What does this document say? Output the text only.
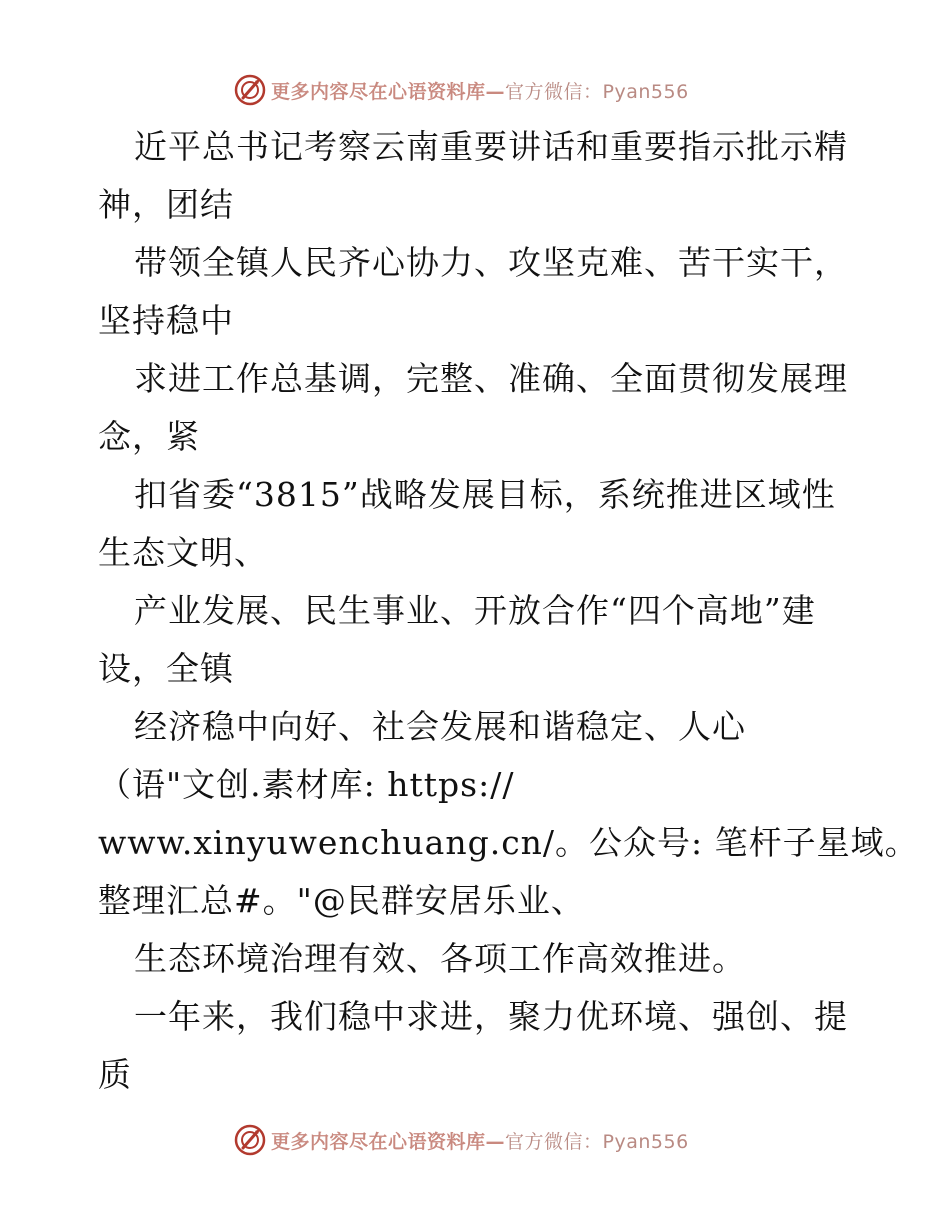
更多内容尽在心语资料库—官方微信：Pyan556
近平总书记考察云南重要讲话和重要指示批示精
神，团结
带领全镇人民齐心协力、攻坚克难、苦干实干，
坚持稳中
求进工作总基调，完整、准确、全面贯彻发展理
念，紧
扣省委“3815”战略发展目标，系统推进区域性
生态文明、
产业发展、民生事业、开放合作“四个高地”建
设，全镇
经济稳中向好、社会发展和谐稳定、人心
（语"文创.素材库: https://
www.xinyuwenchuang.cn/。公众号: 笔杆子星域。
整理汇总#。"@民群安居乐业、
生态环境治理有效、各项工作高效推进。
一年来，我们稳中求进，聚力优环境、强创、提
质
更多内容尽在心语资料库—官方微信：Pyan556
